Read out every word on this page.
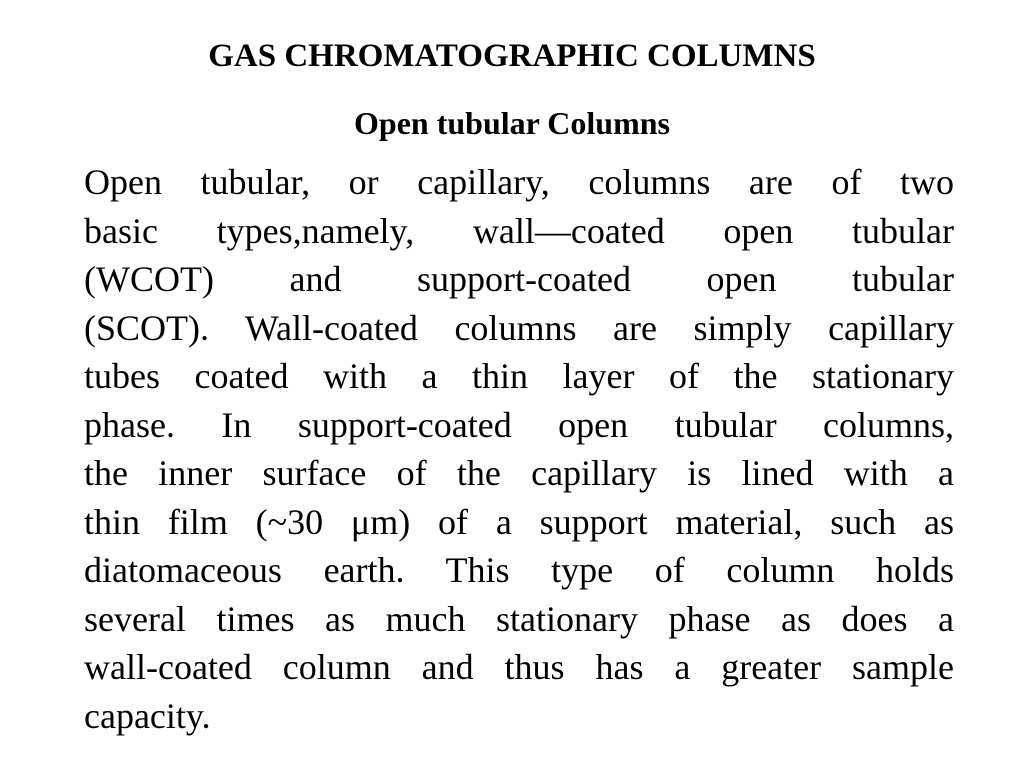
GAS CHROMATOGRAPHIC COLUMNS
Open tubular Columns
Open tubular, or capillary, columns are of two
basic types,namely, wall—coated open tubular
(WCOT) and support-coated open tubular
(SCOT). Wall-coated columns are simply capillary
tubes coated with a thin layer of the stationary
phase. In support-coated open tubular columns,
the inner surface of the capillary is lined with a
thin film (~30 μm) of a support material, such as
diatomaceous earth. This type of column holds
several times as much stationary phase as does a
wall-coated column and thus has a greater sample
capacity.
